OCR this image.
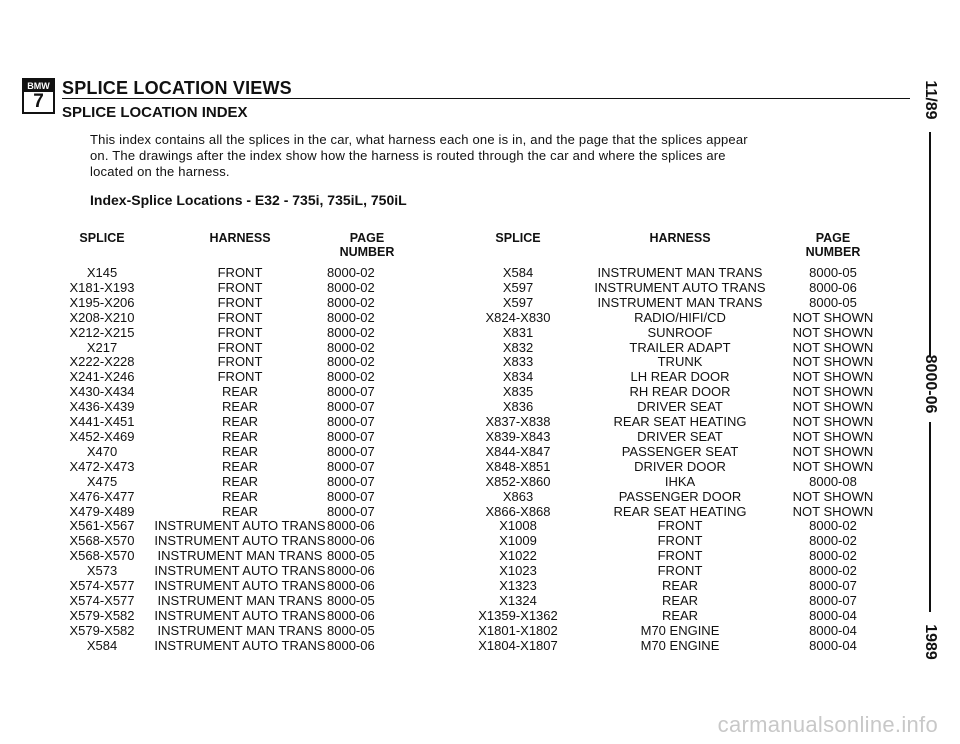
BMW
7
SPLICE LOCATION VIEWS
SPLICE LOCATION INDEX
This index contains all the splices in the car, what harness each one is in, and the page that the splices appear on. The drawings after the index show how the harness is routed through the car and where the splices are located on the harness.
Index-Splice Locations - E32 - 735i, 735iL, 750iL
SPLICE
X145
X181-X193
X195-X206
X208-X210
X212-X215
X217
X222-X228
X241-X246
X430-X434
X436-X439
X441-X451
X452-X469
X470
X472-X473
X475
X476-X477
X479-X489
X561-X567
X568-X570
X568-X570
X573
X574-X577
X574-X577
X579-X582
X579-X582
X584
HARNESS
FRONT
FRONT
FRONT
FRONT
FRONT
FRONT
FRONT
FRONT
REAR
REAR
REAR
REAR
REAR
REAR
REAR
REAR
REAR
INSTRUMENT AUTO TRANS
INSTRUMENT AUTO TRANS
INSTRUMENT MAN TRANS
INSTRUMENT AUTO TRANS
INSTRUMENT AUTO TRANS
INSTRUMENT MAN TRANS
INSTRUMENT AUTO TRANS
INSTRUMENT MAN TRANS
INSTRUMENT AUTO TRANS
PAGE
NUMBER
8000-02
8000-02
8000-02
8000-02
8000-02
8000-02
8000-02
8000-02
8000-07
8000-07
8000-07
8000-07
8000-07
8000-07
8000-07
8000-07
8000-07
8000-06
8000-06
8000-05
8000-06
8000-06
8000-05
8000-06
8000-05
8000-06
SPLICE
X584
X597
X597
X824-X830
X831
X832
X833
X834
X835
X836
X837-X838
X839-X843
X844-X847
X848-X851
X852-X860
X863
X866-X868
X1008
X1009
X1022
X1023
X1323
X1324
X1359-X1362
X1801-X1802
X1804-X1807
HARNESS
INSTRUMENT MAN TRANS
INSTRUMENT AUTO TRANS
INSTRUMENT MAN TRANS
RADIO/HIFI/CD
SUNROOF
TRAILER ADAPT
TRUNK
LH REAR DOOR
RH REAR DOOR
DRIVER SEAT
REAR SEAT HEATING
DRIVER SEAT
PASSENGER SEAT
DRIVER DOOR
IHKA
PASSENGER DOOR
REAR SEAT HEATING
FRONT
FRONT
FRONT
FRONT
REAR
REAR
REAR
M70 ENGINE
M70 ENGINE
PAGE
NUMBER
8000-05
8000-06
8000-05
NOT SHOWN
NOT SHOWN
NOT SHOWN
NOT SHOWN
NOT SHOWN
NOT SHOWN
NOT SHOWN
NOT SHOWN
NOT SHOWN
NOT SHOWN
NOT SHOWN
8000-08
NOT SHOWN
NOT SHOWN
8000-02
8000-02
8000-02
8000-02
8000-07
8000-07
8000-04
8000-04
8000-04
11/89
8000-06
1989
carmanualsonline.info
